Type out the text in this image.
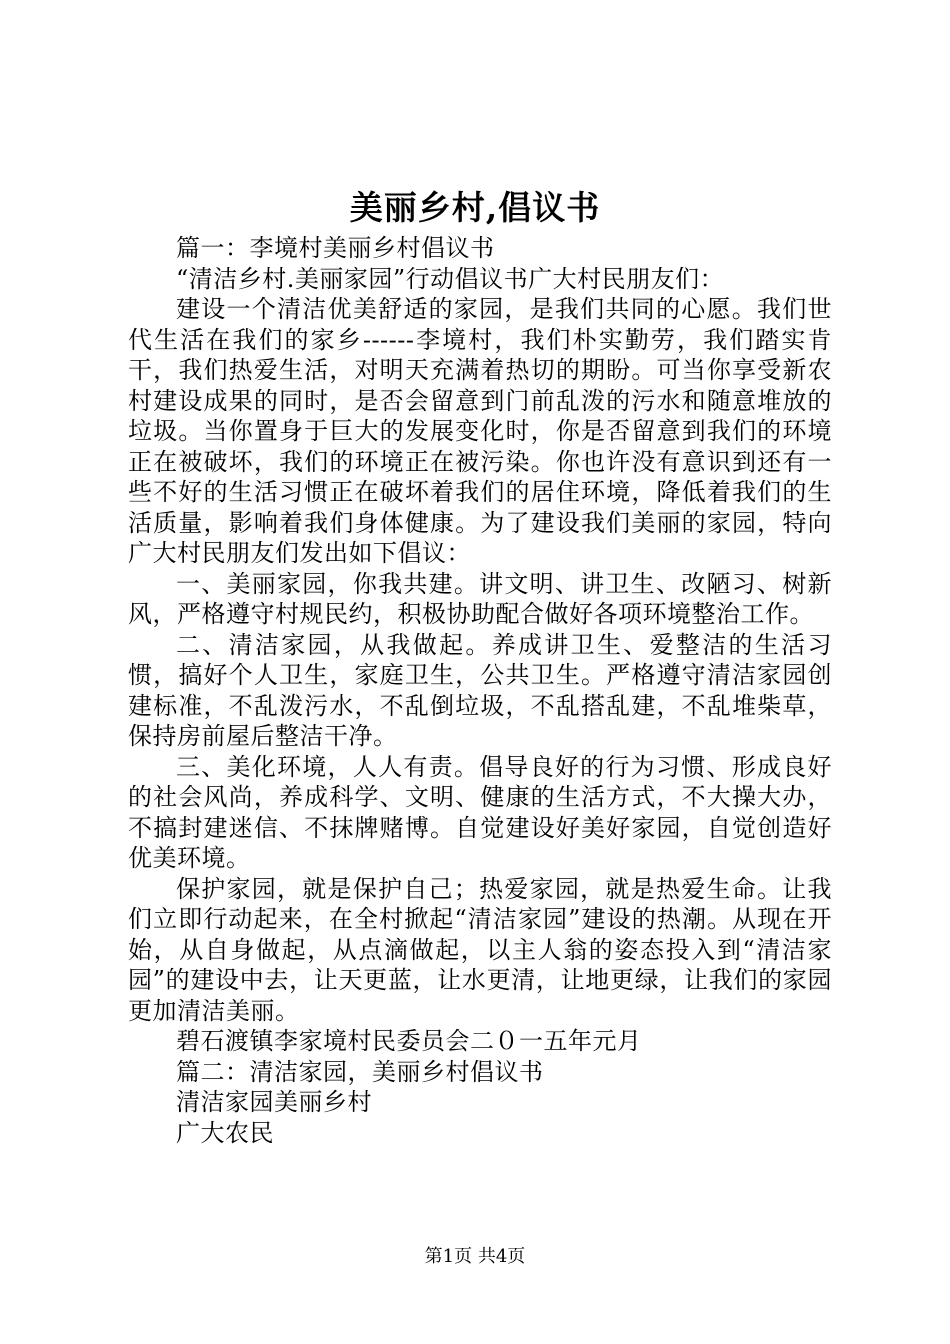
美丽乡村,倡议书

篇一：李境村美丽乡村倡议书

“清洁乡村.美丽家园”行动倡议书广大村民朋友们：

建设一个清洁优美舒适的家园，是我们共同的心愿。我们世代生活在我们的家乡------李境村，我们朴实勤劳，我们踏实肯干，我们热爱生活，对明天充满着热切的期盼。可当你享受新农村建设成果的同时，是否会留意到门前乱泼的污水和随意堆放的垃圾。当你置身于巨大的发展变化时，你是否留意到我们的环境正在被破坏，我们的环境正在被污染。你也许没有意识到还有一些不好的生活习惯正在破坏着我们的居住环境，降低着我们的生活质量，影响着我们身体健康。为了建设我们美丽的家园，特向广大村民朋友们发出如下倡议：

一、美丽家园，你我共建。讲文明、讲卫生、改陋习、树新风，严格遵守村规民约，积极协助配合做好各项环境整治工作。

二、清洁家园，从我做起。养成讲卫生、爱整洁的生活习惯，搞好个人卫生，家庭卫生，公共卫生。严格遵守清洁家园创建标准，不乱泼污水，不乱倒垃圾，不乱搭乱建，不乱堆柴草，保持房前屋后整洁干净。

三、美化环境，人人有责。倡导良好的行为习惯、形成良好的社会风尚，养成科学、文明、健康的生活方式，不大操大办，不搞封建迷信、不抹牌赌博。自觉建设好美好家园，自觉创造好优美环境。

保护家园，就是保护自己；热爱家园，就是热爱生命。让我们立即行动起来，在全村掀起“清洁家园”建设的热潮。从现在开始，从自身做起，从点滴做起，以主人翁的姿态投入到“清洁家园”的建设中去，让天更蓝，让水更清，让地更绿，让我们的家园更加清洁美丽。

碧石渡镇李家境村民委员会二０一五年元月

篇二：清洁家园，美丽乡村倡议书

清洁家园美丽乡村

广大农民

第1页 共4页
